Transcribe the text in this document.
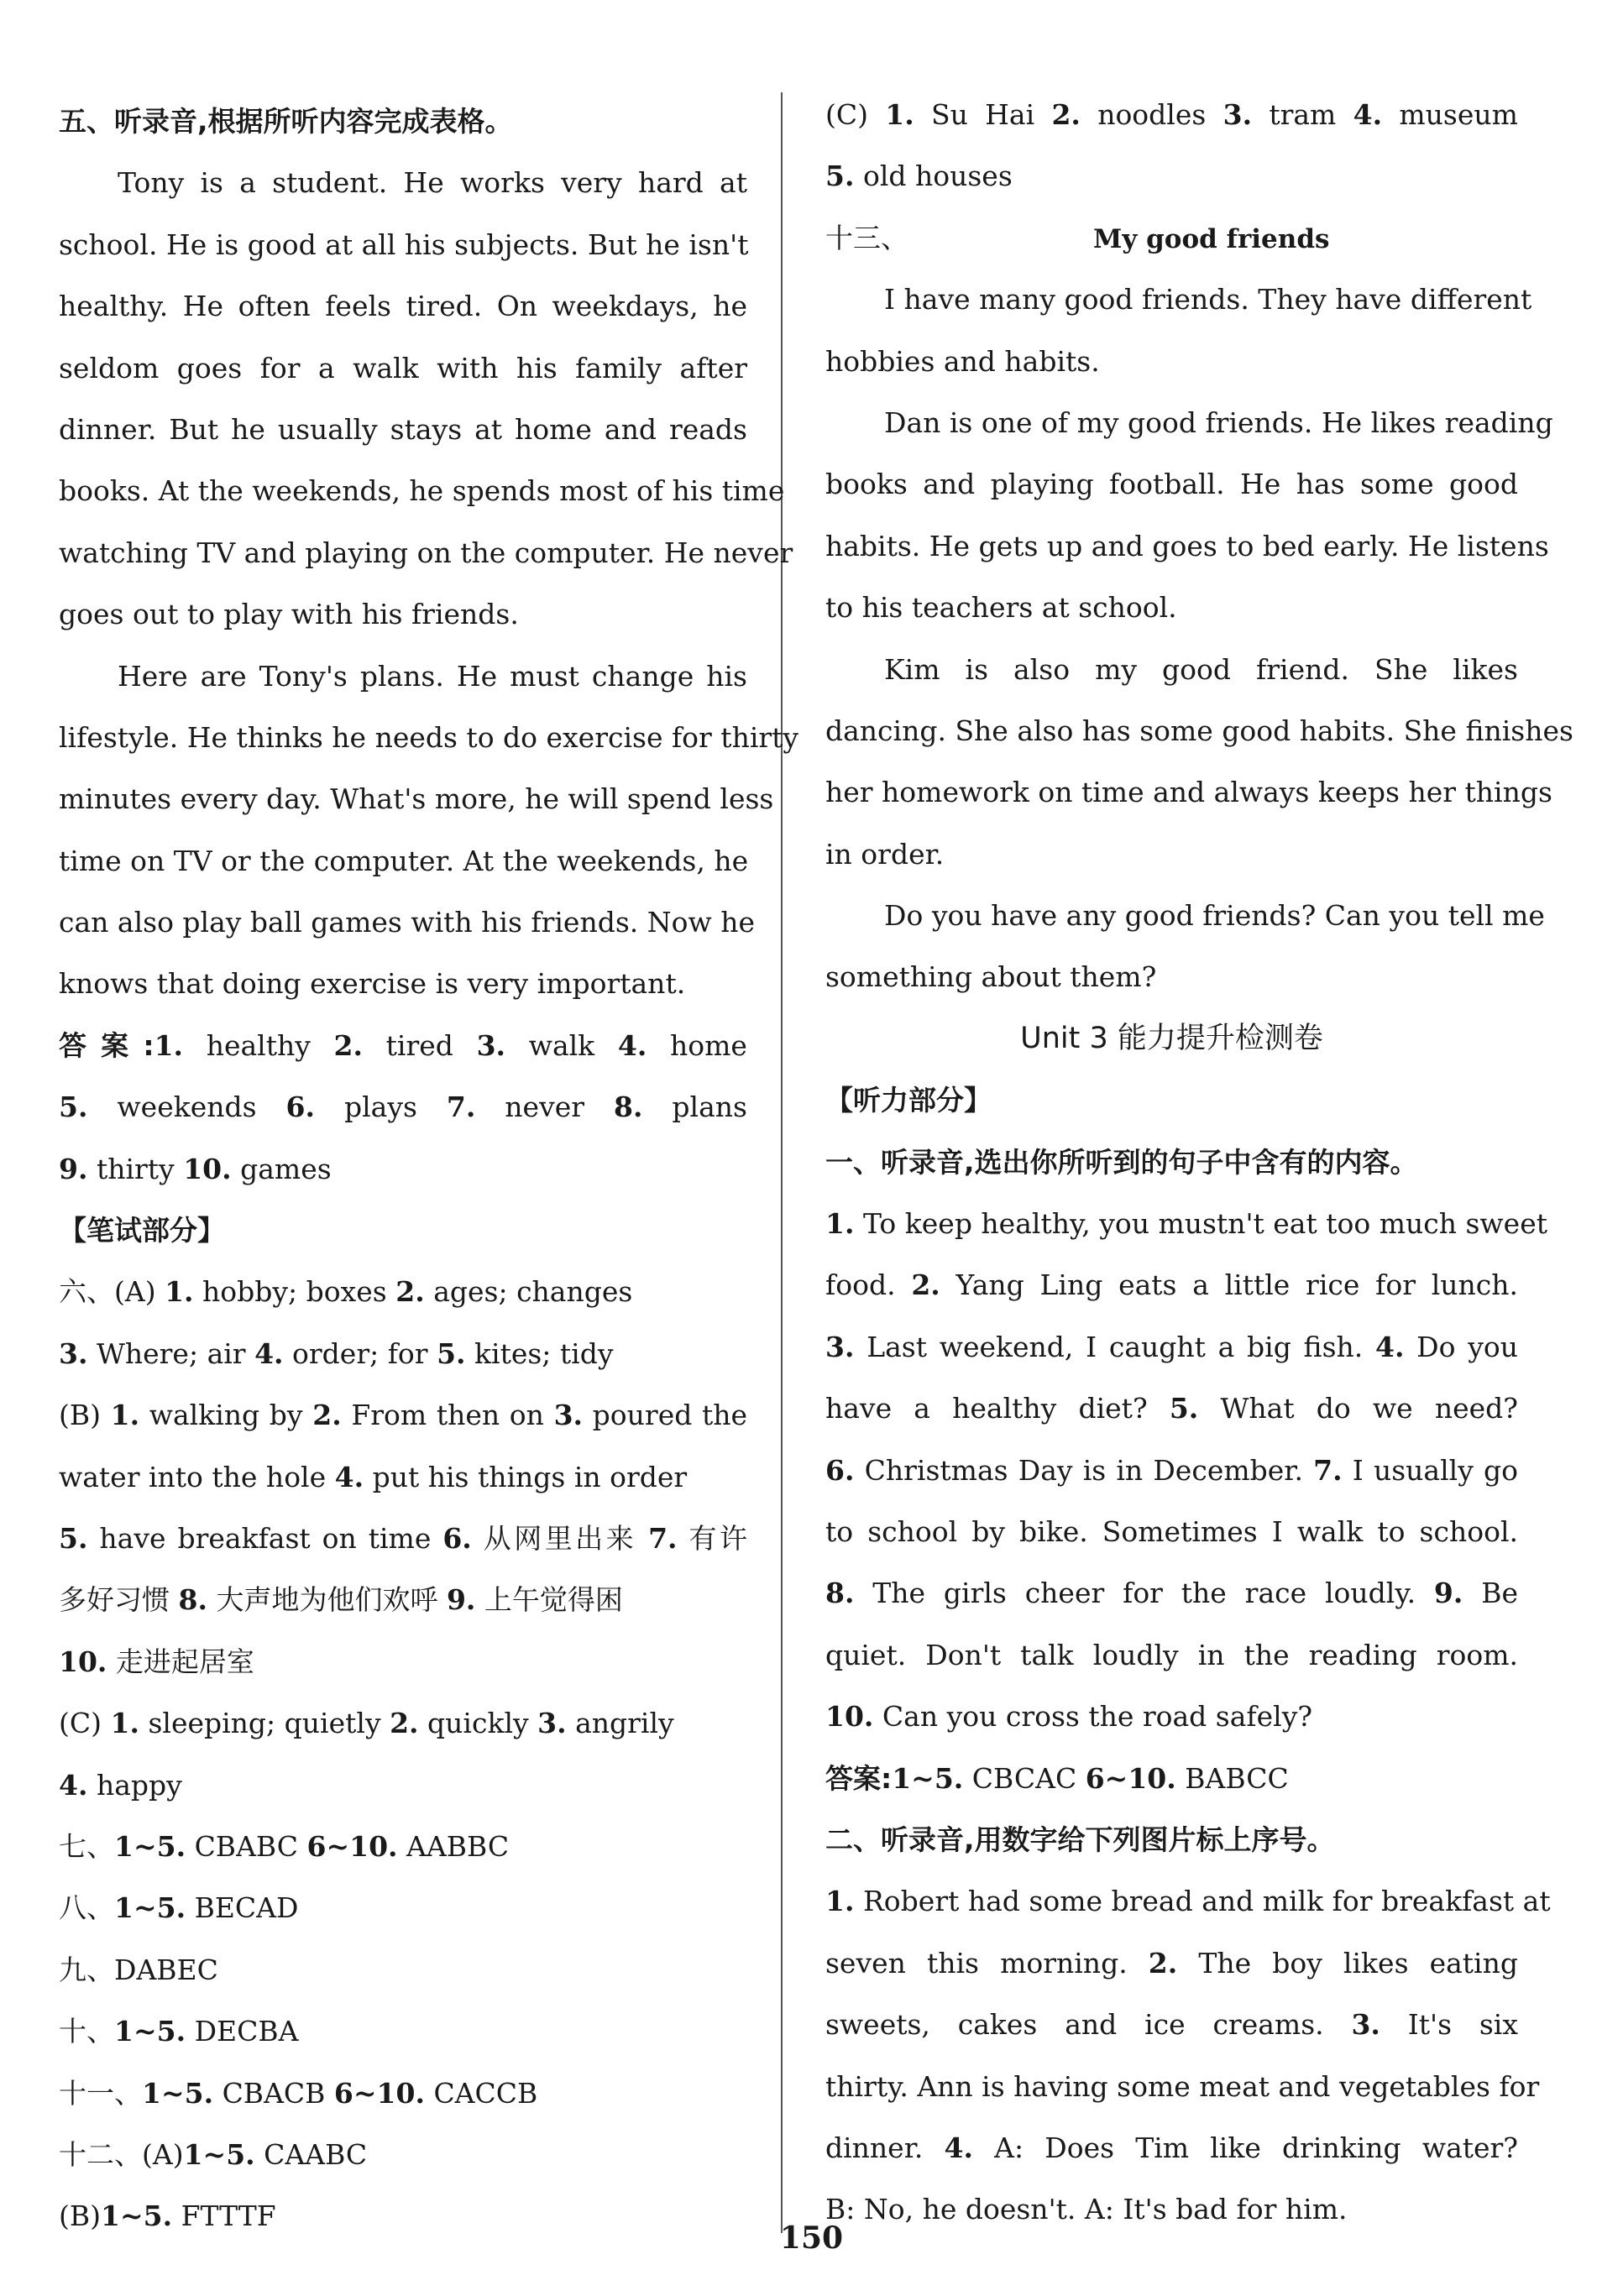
五、听录音,根据所听内容完成表格。
Tony is a student. He works very hard at
school. He is good at all his subjects. But he isn't
healthy. He often feels tired. On weekdays, he
seldom goes for a walk with his family after
dinner. But he usually stays at home and reads
books. At the weekends, he spends most of his time
watching TV and playing on the computer. He never
goes out to play with his friends.
Here are Tony's plans. He must change his
lifestyle. He thinks he needs to do exercise for thirty
minutes every day. What's more, he will spend less
time on TV or the computer. At the weekends, he
can also play ball games with his friends. Now he
knows that doing exercise is very important.
答案:1. healthy 2. tired 3. walk 4. home
5. weekends 6. plays 7. never 8. plans
9. thirty 10. games
【笔试部分】
六、(A) 1. hobby; boxes 2. ages; changes
3. Where; air 4. order; for 5. kites; tidy
(B) 1. walking by 2. From then on 3. poured the
water into the hole 4. put his things in order
5. have breakfast on time 6. 从网里出来 7. 有许
多好习惯 8. 大声地为他们欢呼 9. 上午觉得困
10. 走进起居室
(C) 1. sleeping; quietly 2. quickly 3. angrily
4. happy
七、1~5. CBABC 6~10. AABBC
八、1~5. BECAD
九、DABEC
十、1~5. DECBA
十一、1~5. CBACB 6~10. CACCB
十二、(A)1~5. CAABC
(B)1~5. FTTTF
(C) 1. Su Hai 2. noodles 3. tram 4. museum
5. old houses
十三、	My good friends
I have many good friends. They have different
hobbies and habits.
Dan is one of my good friends. He likes reading
books and playing football. He has some good
habits. He gets up and goes to bed early. He listens
to his teachers at school.
Kim is also my good friend. She likes
dancing. She also has some good habits. She finishes
her homework on time and always keeps her things
in order.
Do you have any good friends? Can you tell me
something about them?
Unit 3 能力提升检测卷
【听力部分】
一、听录音,选出你所听到的句子中含有的内容。
1. To keep healthy, you mustn't eat too much sweet
food. 2. Yang Ling eats a little rice for lunch.
3. Last weekend, I caught a big fish. 4. Do you
have a healthy diet? 5. What do we need?
6. Christmas Day is in December. 7. I usually go
to school by bike. Sometimes I walk to school.
8. The girls cheer for the race loudly. 9. Be
quiet. Don't talk loudly in the reading room.
10. Can you cross the road safely?
答案:1~5. CBCAC 6~10. BABCC
二、听录音,用数字给下列图片标上序号。
1. Robert had some bread and milk for breakfast at
seven this morning. 2. The boy likes eating
sweets, cakes and ice creams. 3. It's six
thirty. Ann is having some meat and vegetables for
dinner. 4. A: Does Tim like drinking water?
B: No, he doesn't. A: It's bad for him.
150
